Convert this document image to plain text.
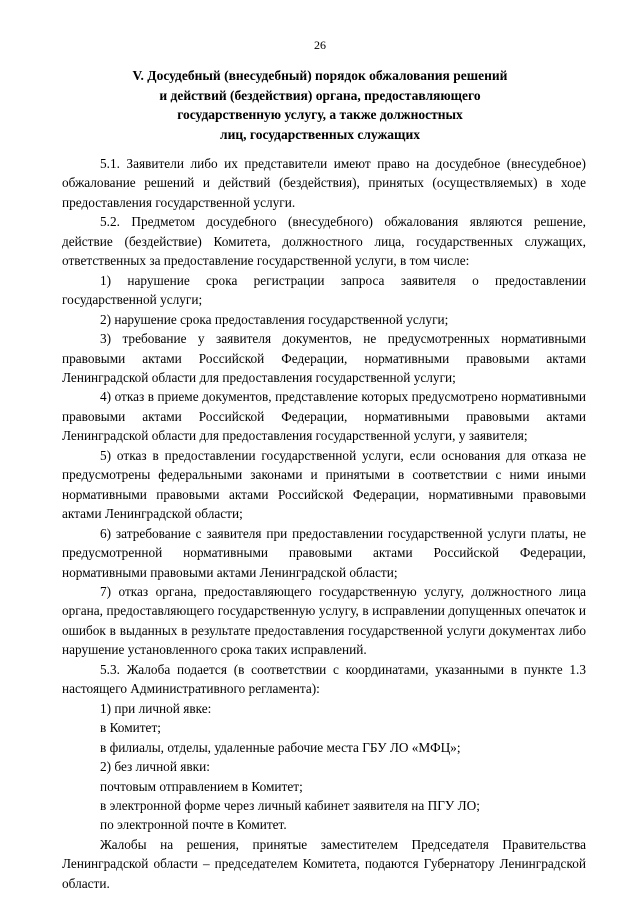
26
V. Досудебный (внесудебный) порядок обжалования решений
и действий (бездействия) органа, предоставляющего
государственную услугу, а также должностных
лиц, государственных служащих

5.1. Заявители либо их представители имеют право на досудебное (внесудебное) обжалование решений и действий (бездействия), принятых (осуществляемых) в ходе предоставления государственной услуги.

5.2. Предметом досудебного (внесудебного) обжалования являются решение, действие (бездействие) Комитета, должностного лица, государственных служащих, ответственных за предоставление государственной услуги, в том числе:

1) нарушение срока регистрации запроса заявителя о предоставлении государственной услуги;

2) нарушение срока предоставления государственной услуги;

3) требование у заявителя документов, не предусмотренных нормативными правовыми актами Российской Федерации, нормативными правовыми актами Ленинградской области для предоставления государственной услуги;

4) отказ в приеме документов, представление которых предусмотрено нормативными правовыми актами Российской Федерации, нормативными правовыми актами Ленинградской области для предоставления государственной услуги, у заявителя;

5) отказ в предоставлении государственной услуги, если основания для отказа не предусмотрены федеральными законами и принятыми в соответствии с ними иными нормативными правовыми актами Российской Федерации, нормативными правовыми актами Ленинградской области;

6) затребование с заявителя при предоставлении государственной услуги платы, не предусмотренной нормативными правовыми актами Российской Федерации, нормативными правовыми актами Ленинградской области;

7) отказ органа, предоставляющего государственную услугу, должностного лица органа, предоставляющего государственную услугу, в исправлении допущенных опечаток и ошибок в выданных в результате предоставления государственной услуги документах либо нарушение установленного срока таких исправлений.

5.3. Жалоба подается (в соответствии с координатами, указанными в пункте 1.3 настоящего Административного регламента):

1) при личной явке:

в Комитет;

в филиалы, отделы, удаленные рабочие места ГБУ ЛО «МФЦ»;

2) без личной явки:

почтовым отправлением в Комитет;

в электронной форме через личный кабинет заявителя на ПГУ ЛО;

по электронной почте в Комитет.

Жалобы на решения, принятые заместителем Председателя Правительства Ленинградской области – председателем Комитета, подаются Губернатору Ленинградской области.
